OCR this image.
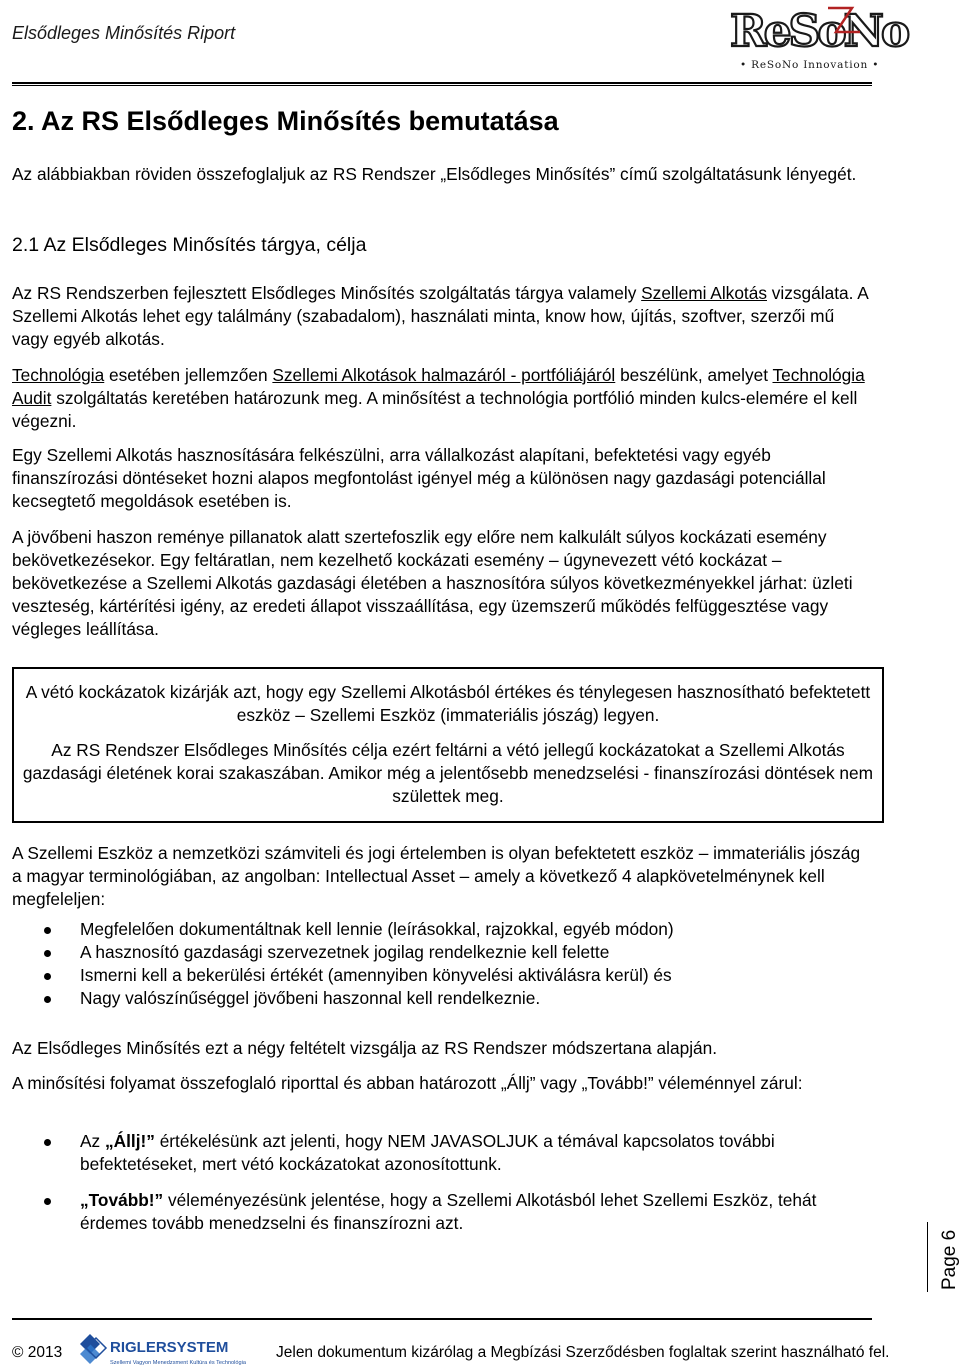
Elsődleges Minősítés Riport	ReSoNo
• ReSoNo Innovation •
2. Az RS Elsődleges Minősítés bemutatása

Az alábbiakban röviden összefoglaljuk az RS Rendszer „Elsődleges Minősítés” című szolgáltatásunk lényegét.

2.1 Az Elsődleges Minősítés tárgya, célja

Az RS Rendszerben fejlesztett Elsődleges Minősítés szolgáltatás tárgya valamely Szellemi Alkotás vizsgálata. A Szellemi Alkotás lehet egy találmány (szabadalom), használati minta, know how, újítás, szoftver, szerzői mű vagy egyéb alkotás.

Technológia esetében jellemzően Szellemi Alkotások halmazáról - portfóliájáról beszélünk, amelyet Technológia Audit szolgáltatás keretében határozunk meg. A minősítést a technológia portfólió minden kulcs-elemére el kell végezni.

Egy Szellemi Alkotás hasznosítására felkészülni, arra vállalkozást alapítani, befektetési vagy egyéb finanszírozási döntéseket hozni alapos megfontolást igényel még a különösen nagy gazdasági potenciállal kecsegtető megoldások esetében is.

A jövőbeni haszon reménye pillanatok alatt szertefoszlik egy előre nem kalkulált súlyos kockázati esemény bekövetkezésekor. Egy feltáratlan, nem kezelhető kockázati esemény – úgynevezett vétó kockázat – bekövetkezése a Szellemi Alkotás gazdasági életében a hasznosítóra súlyos következményekkel járhat: üzleti veszteség, kártérítési igény, az eredeti állapot visszaállítása, egy üzemszerű működés felfüggesztése vagy végleges leállítása.

A vétó kockázatok kizárják azt, hogy egy Szellemi Alkotásból értékes és ténylegesen hasznosítható befektetett eszköz – Szellemi Eszköz (immateriális jószág) legyen.

Az RS Rendszer Elsődleges Minősítés célja ezért feltárni a vétó jellegű kockázatokat a Szellemi Alkotás gazdasági életének korai szakaszában. Amikor még a jelentősebb menedzselési - finanszírozási döntések nem születtek meg.

A Szellemi Eszköz a nemzetközi számviteli és jogi értelemben is olyan befektetett eszköz – immateriális jószág a magyar terminológiában, az angolban: Intellectual Asset – amely a következő 4 alapkövetelménynek kell megfeleljen:

Megfelelően dokumentáltnak kell lennie (leírásokkal, rajzokkal, egyéb módon)
A hasznosító gazdasági szervezetnek jogilag rendelkeznie kell felette
Ismerni kell a bekerülési értékét (amennyiben könyvelési aktiválásra kerül) és
Nagy valószínűséggel jövőbeni haszonnal kell rendelkeznie.

Az Elsődleges Minősítés ezt a négy feltételt vizsgálja az RS Rendszer módszertana alapján.

A minősítési folyamat összefoglaló riporttal és abban határozott „Állj” vagy „Tovább!” véleménnyel zárul:

Az „Állj!” értékelésünk azt jelenti, hogy NEM JAVASOLJUK a témával kapcsolatos további befektetéseket, mert vétó kockázatokat azonosítottunk.
„Tovább!” véleményezésünk jelentése, hogy a Szellemi Alkotásból lehet Szellemi Eszköz, tehát érdemes tovább menedzselni és finanszírozni azt.
Page 6
© 2013	RIGLERSYSTEM
Szellemi Vagyon Menedzsment Kultúra és Technológia
Jelen dokumentum kizárólag a Megbízási Szerződésben foglaltak szerint használható fel.
